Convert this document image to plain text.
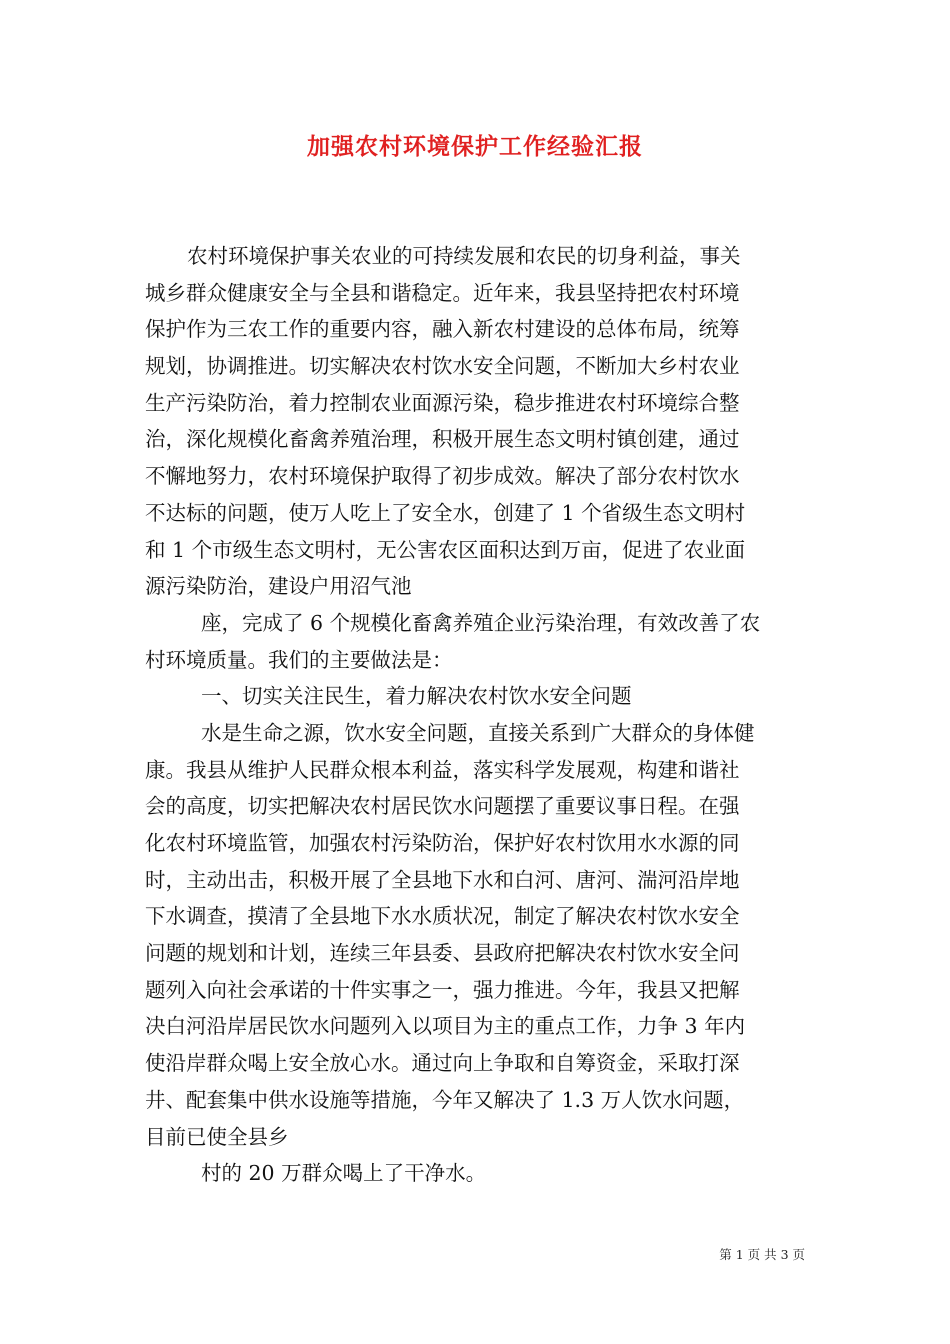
加强农村环境保护工作经验汇报
农村环境保护事关农业的可持续发展和农民的切身利益，事关
城乡群众健康安全与全县和谐稳定。近年来，我县坚持把农村环境
保护作为三农工作的重要内容，融入新农村建设的总体布局，统筹
规划，协调推进。切实解决农村饮水安全问题，不断加大乡村农业
生产污染防治，着力控制农业面源污染，稳步推进农村环境综合整
治，深化规模化畜禽养殖治理，积极开展生态文明村镇创建，通过
不懈地努力，农村环境保护取得了初步成效。解决了部分农村饮水
不达标的问题，使万人吃上了安全水，创建了 1 个省级生态文明村
和 1 个市级生态文明村，无公害农区面积达到万亩，促进了农业面
源污染防治，建设户用沼气池
座，完成了 6 个规模化畜禽养殖企业污染治理，有效改善了农
村环境质量。我们的主要做法是：
一、切实关注民生，着力解决农村饮水安全问题
水是生命之源，饮水安全问题，直接关系到广大群众的身体健
康。我县从维护人民群众根本利益，落实科学发展观，构建和谐社
会的高度，切实把解决农村居民饮水问题摆了重要议事日程。在强
化农村环境监管，加强农村污染防治，保护好农村饮用水水源的同
时，主动出击，积极开展了全县地下水和白河、唐河、湍河沿岸地
下水调查，摸清了全县地下水水质状况，制定了解决农村饮水安全
问题的规划和计划，连续三年县委、县政府把解决农村饮水安全问
题列入向社会承诺的十件实事之一，强力推进。今年，我县又把解
决白河沿岸居民饮水问题列入以项目为主的重点工作，力争 3 年内
使沿岸群众喝上安全放心水。通过向上争取和自筹资金，采取打深
井、配套集中供水设施等措施，今年又解决了 1.3 万人饮水问题，
目前已使全县乡
村的 20 万群众喝上了干净水。
第 1 页 共 3 页
